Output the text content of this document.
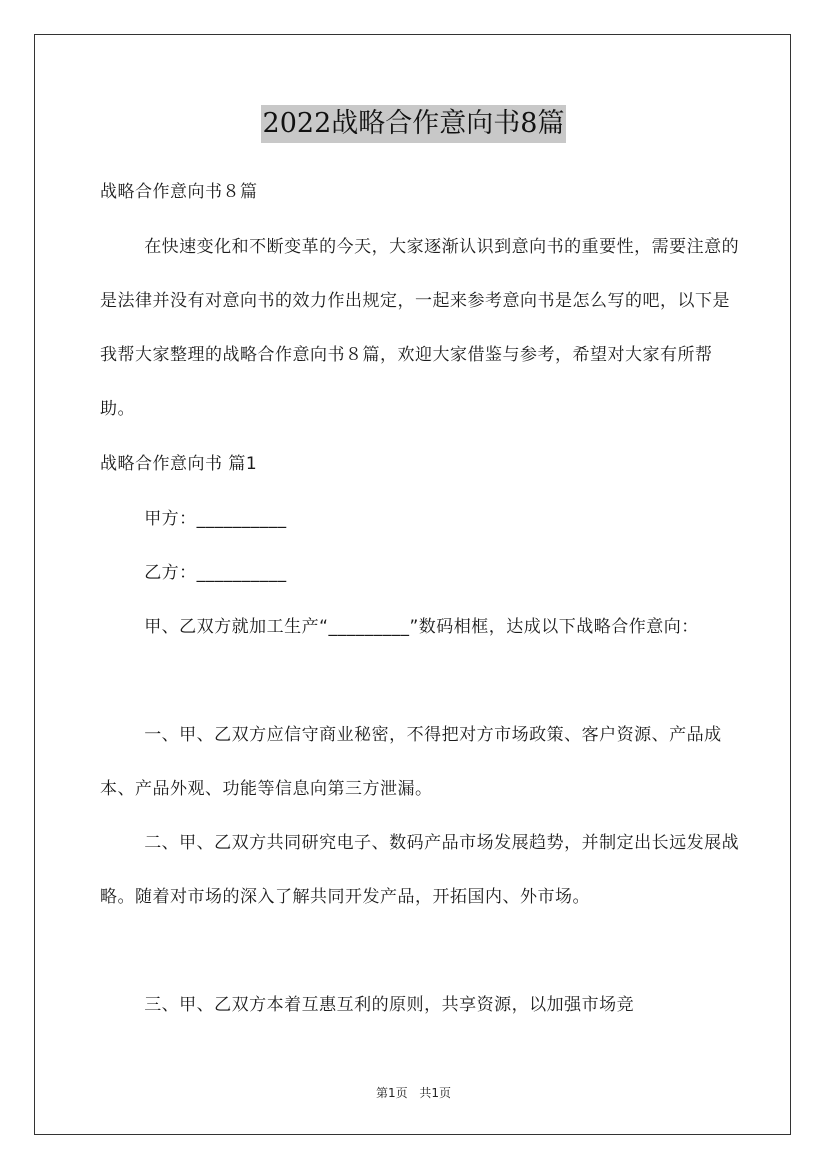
2022战略合作意向书8篇

战略合作意向书８篇

在快速变化和不断变革的今天，大家逐渐认识到意向书的重要性，需要注意的是法律并没有对意向书的效力作出规定，一起来参考意向书是怎么写的吧，以下是我帮大家整理的战略合作意向书８篇，欢迎大家借鉴与参考，希望对大家有所帮助。

战略合作意向书 篇1

甲方：__________

乙方：__________

甲、乙双方就加工生产“_________”数码相框，达成以下战略合作意向：

一、甲、乙双方应信守商业秘密，不得把对方市场政策、客户资源、产品成本、产品外观、功能等信息向第三方泄漏。

二、甲、乙双方共同研究电子、数码产品市场发展趋势，并制定出长远发展战略。随着对市场的深入了解共同开发产品，开拓国内、外市场。

三、甲、乙双方本着互惠互利的原则，共享资源，以加强市场竞

第1页 共1页
